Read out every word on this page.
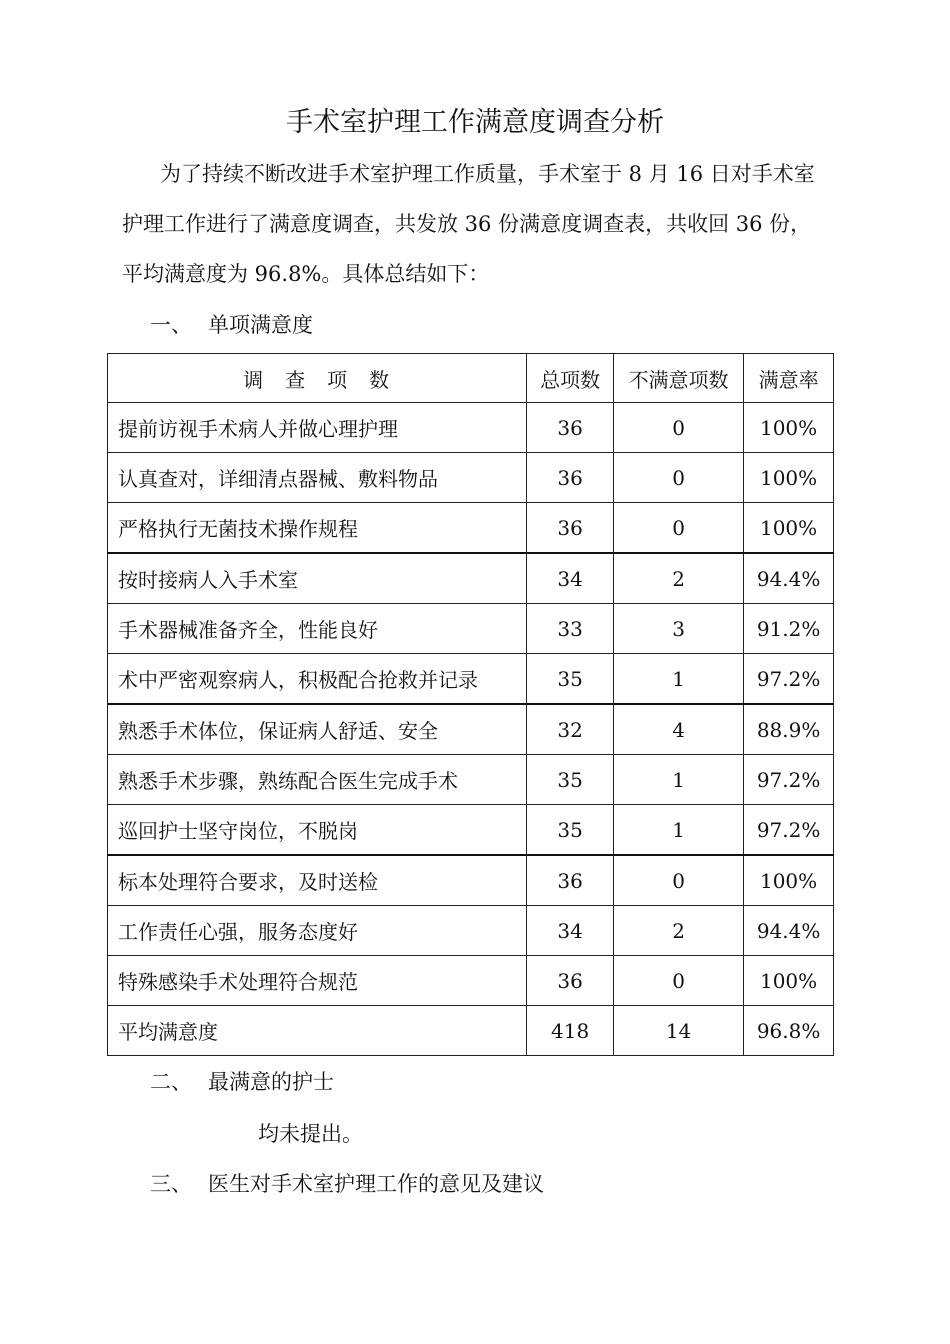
手术室护理工作满意度调查分析
为了持续不断改进手术室护理工作质量，手术室于 8 月 16 日对手术室
护理工作进行了满意度调查，共发放 36 份满意度调查表，共收回 36 份，
平均满意度为 96.8%。具体总结如下：
一、 单项满意度
调查项数	总项数	不满意项数	满意率
提前访视手术病人并做心理护理	36	0	100%
认真查对，详细清点器械、敷料物品	36	0	100%
严格执行无菌技术操作规程	36	0	100%
按时接病人入手术室	34	2	94.4%
手术器械准备齐全，性能良好	33	3	91.2%
术中严密观察病人，积极配合抢救并记录	35	1	97.2%
熟悉手术体位，保证病人舒适、安全	32	4	88.9%
熟悉手术步骤，熟练配合医生完成手术	35	1	97.2%
巡回护士坚守岗位，不脱岗	35	1	97.2%
标本处理符合要求，及时送检	36	0	100%
工作责任心强，服务态度好	34	2	94.4%
特殊感染手术处理符合规范	36	0	100%
平均满意度	418	14	96.8%
二、 最满意的护士
均未提出。
三、 医生对手术室护理工作的意见及建议
